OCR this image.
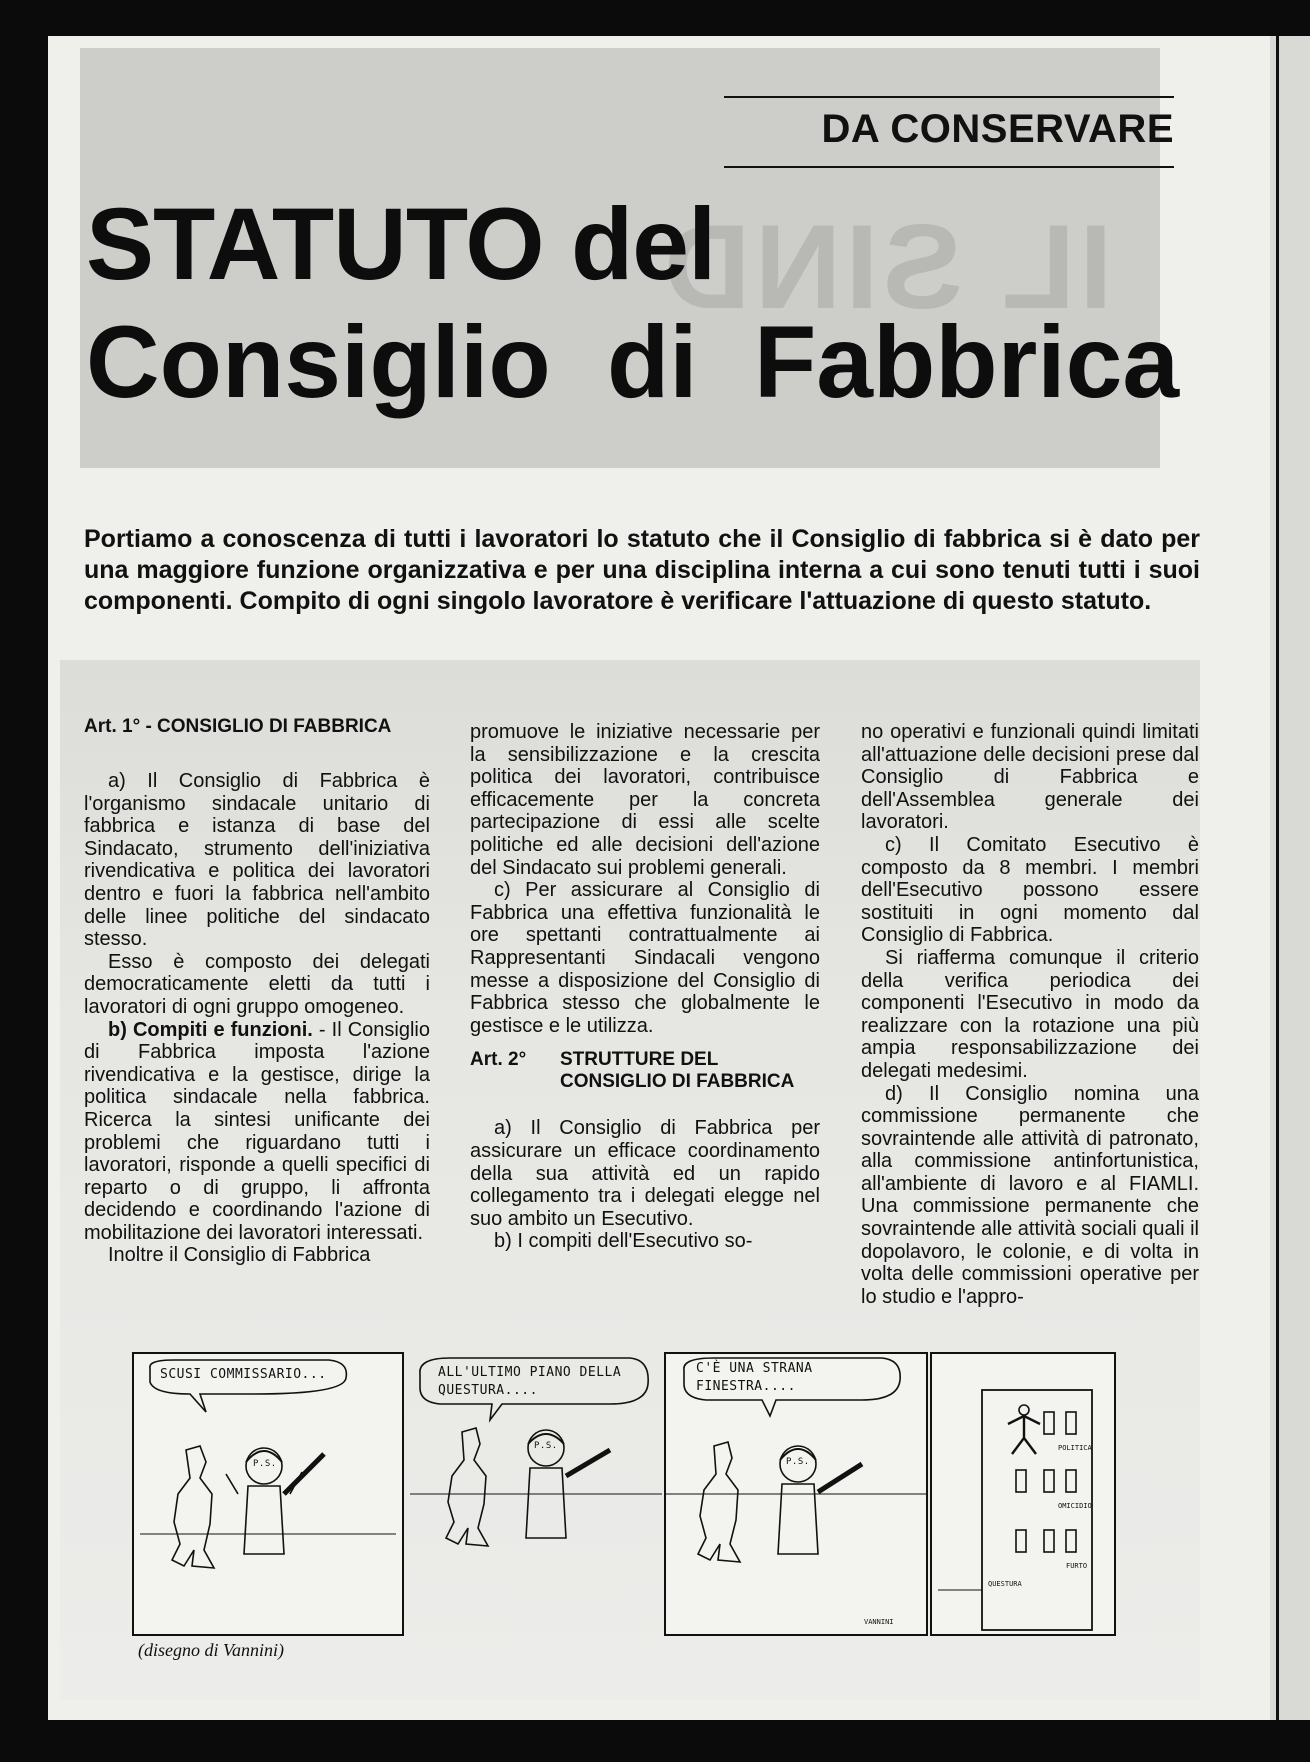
IL SIND
DA CONSERVARE
STATUTO del
Consiglio di Fabbrica
Portiamo a conoscenza di tutti i lavoratori lo statuto che il Consiglio di fabbrica si è dato per una maggiore funzione organizzativa e per una disciplina interna a cui sono tenuti tutti i suoi componenti. Compito di ogni singolo lavoratore è verificare l'attuazione di questo statuto.

Art. 1° - CONSIGLIO DI FABBRICA

a) Il Consiglio di Fabbrica è l'organismo sindacale unitario di fabbrica e istanza di base del Sindacato, strumento dell'iniziativa rivendicativa e politica dei lavoratori dentro e fuori la fabbrica nell'ambito delle linee politiche del sindacato stesso.

Esso è composto dei delegati democraticamente eletti da tutti i lavoratori di ogni gruppo omogeneo.

b) Compiti e funzioni. - Il Consiglio di Fabbrica imposta l'azione rivendicativa e la gestisce, dirige la politica sindacale nella fabbrica. Ricerca la sintesi unificante dei problemi che riguardano tutti i lavoratori, risponde a quelli specifici di reparto o di gruppo, li affronta decidendo e coordinando l'azione di mobilitazione dei lavoratori interessati.

Inoltre il Consiglio di Fabbrica

promuove le iniziative necessarie per la sensibilizzazione e la crescita politica dei lavoratori, contribuisce efficacemente per la concreta partecipazione di essi alle scelte politiche ed alle decisioni dell'azione del Sindacato sui problemi generali.

c) Per assicurare al Consiglio di Fabbrica una effettiva funzionalità le ore spettanti contrattualmente ai Rappresentanti Sindacali vengono messe a disposizione del Consiglio di Fabbrica stesso che globalmente le gestisce e le utilizza.

Art. 2°	STRUTTURE DEL
CONSIGLIO DI FABBRICA

a) Il Consiglio di Fabbrica per assicurare un efficace coordinamento della sua attività ed un rapido collegamento tra i delegati elegge nel suo ambito un Esecutivo.

b) I compiti dell'Esecutivo so-

no operativi e funzionali quindi limitati all'attuazione delle decisioni prese dal Consiglio di Fabbrica e dell'Assemblea generale dei lavoratori.

c) Il Comitato Esecutivo è composto da 8 membri. I membri dell'Esecutivo possono essere sostituiti in ogni momento dal Consiglio di Fabbrica.

Si riafferma comunque il criterio della verifica periodica dei componenti l'Esecutivo in modo da realizzare con la rotazione una più ampia responsabilizzazione dei delegati medesimi.

d) Il Consiglio nomina una commissione permanente che sovraintende alle attività di patronato, alla commissione antinfortunistica, all'ambiente di lavoro e al FIAMLI. Una commissione permanente che sovraintende alle attività sociali quali il dopolavoro, le colonie, e di volta in volta delle commissioni operative per lo studio e l'appro-

SCUSI COMMISSARIO...
P.S.
ALL'ULTIMO PIANO DELLA
QUESTURA....
P.S.
C'È UNA STRANA
FINESTRA....
P.S.
VANNINI
POLITICA
OMICIDIO
FURTO
QUESTURA
(disegno di Vannini)
